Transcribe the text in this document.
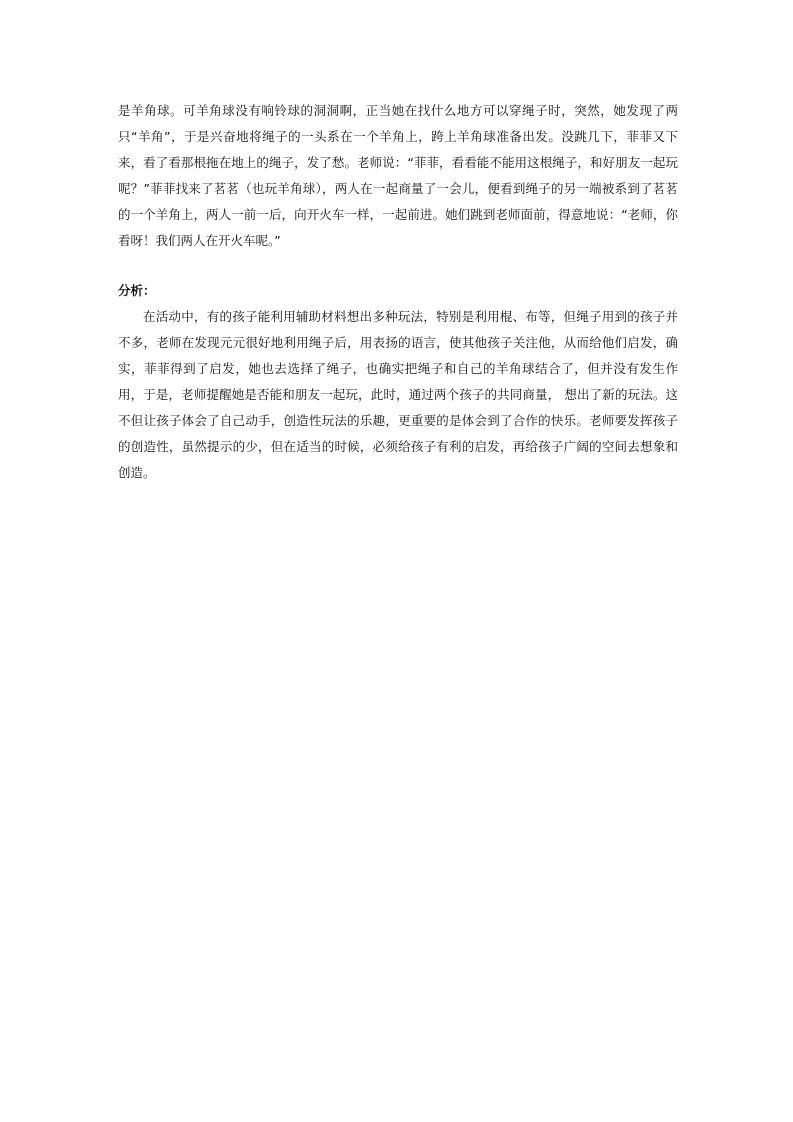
是羊角球。可羊角球没有响铃球的洞洞啊，正当她在找什么地方可以穿绳子时，突然，她发现了两只“羊角”，于是兴奋地将绳子的一头系在一个羊角上，跨上羊角球准备出发。没跳几下，菲菲又下来，看了看那根拖在地上的绳子，发了愁。老师说：“菲菲，看看能不能用这根绳子，和好朋友一起玩呢？”菲菲找来了茗茗（也玩羊角球），两人在一起商量了一会儿，便看到绳子的另一端被系到了茗茗的一个羊角上，两人一前一后，向开火车一样，一起前进。她们跳到老师面前，得意地说：“老师，你看呀！我们两人在开火车呢。”

分析：

在活动中，有的孩子能利用辅助材料想出多种玩法，特别是利用棍、布等，但绳子用到的孩子并不多，老师在发现元元很好地利用绳子后，用表扬的语言，使其他孩子关注他，从而给他们启发，确实，菲菲得到了启发，她也去选择了绳子，也确实把绳子和自己的羊角球结合了，但并没有发生作用，于是，老师提醒她是否能和朋友一起玩，此时，通过两个孩子的共同商量， 想出了新的玩法。这不但让孩子体会了自己动手，创造性玩法的乐趣，更重要的是体会到了合作的快乐。老师要发挥孩子的创造性，虽然提示的少，但在适当的时候，必须给孩子有利的启发，再给孩子广阔的空间去想象和创造。
